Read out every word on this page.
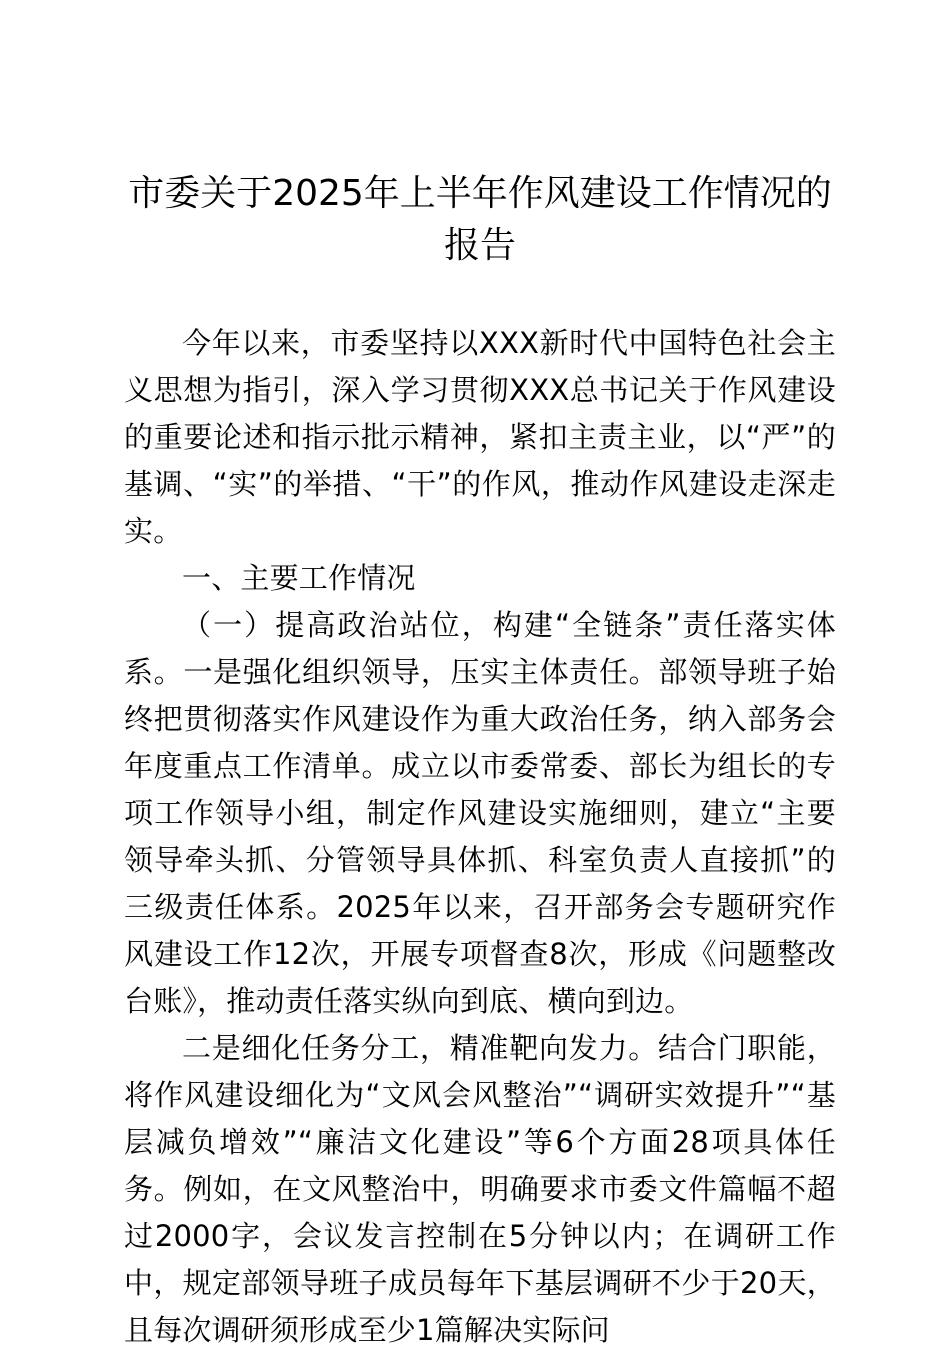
市委关于2025年上半年作风建设工作情况的
报告

今年以来，市委坚持以XXX新时代中国特色社会主义思想为指引，深入学习贯彻XXX总书记关于作风建设的重要论述和指示批示精神，紧扣主责主业，以“严”的基调、“实”的举措、“干”的作风，推动作风建设走深走实。

一、主要工作情况

（一）提高政治站位，构建“全链条”责任落实体系。一是强化组织领导，压实主体责任。部领导班子始终把贯彻落实作风建设作为重大政治任务，纳入部务会年度重点工作清单。成立以市委常委、部长为组长的专项工作领导小组，制定作风建设实施细则，建立“主要领导牵头抓、分管领导具体抓、科室负责人直接抓”的三级责任体系。2025年以来，召开部务会专题研究作风建设工作12次，开展专项督查8次，形成《问题整改台账》，推动责任落实纵向到底、横向到边。

二是细化任务分工，精准靶向发力。结合门职能，将作风建设细化为“文风会风整治”“调研实效提升”“基层减负增效”“廉洁文化建设”等6个方面28项具体任务。例如，在文风整治中，明确要求市委文件篇幅不超过2000字，会议发言控制在5分钟以内；在调研工作中，规定部领导班子成员每年下基层调研不少于20天，且每次调研须形成至少1篇解决实际问
